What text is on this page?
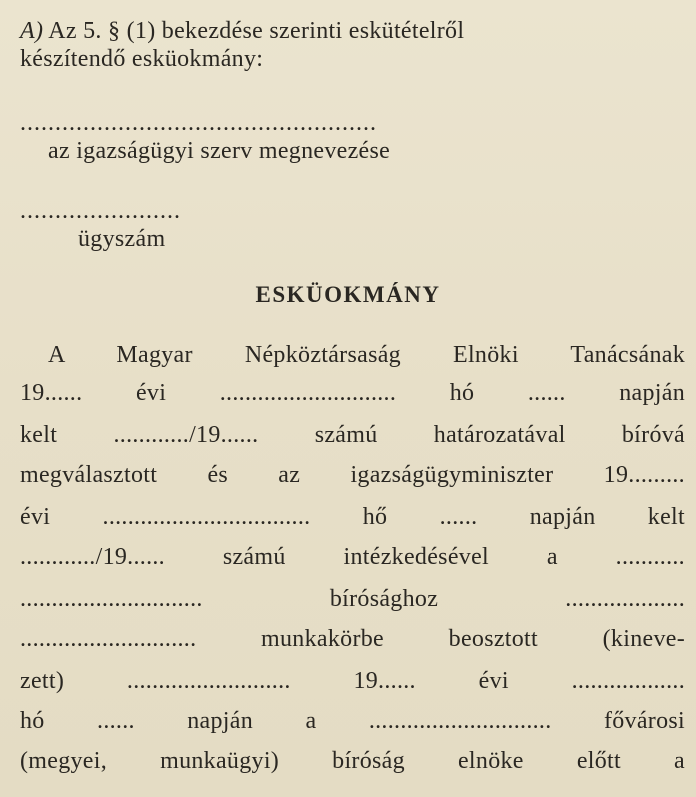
A) Az 5. § (1) bekezdése szerinti eskütételről
készítendő esküokmány:
...................................................
az igazságügyi szerv megnevezése
.......................
ügyszám
ESKÜOKMÁNY
A Magyar Népköztársaság Elnöki Tanácsának
19...... évi ............................ hó ...... napján
kelt ............/19...... számú határozatával bíróvá
megválasztott és az igazságügyminiszter 19.........
évi ................................. hő ...... napján kelt
............/19...... számú intézkedésével a ...........
............................. bírósághoz ...................
............................ munkakörbe beosztott (kineve-
zett) .......................... 19...... évi ..................
hó ...... napján a ............................. fővárosi
(megyei, munkaügyi) bíróság elnöke előtt a
